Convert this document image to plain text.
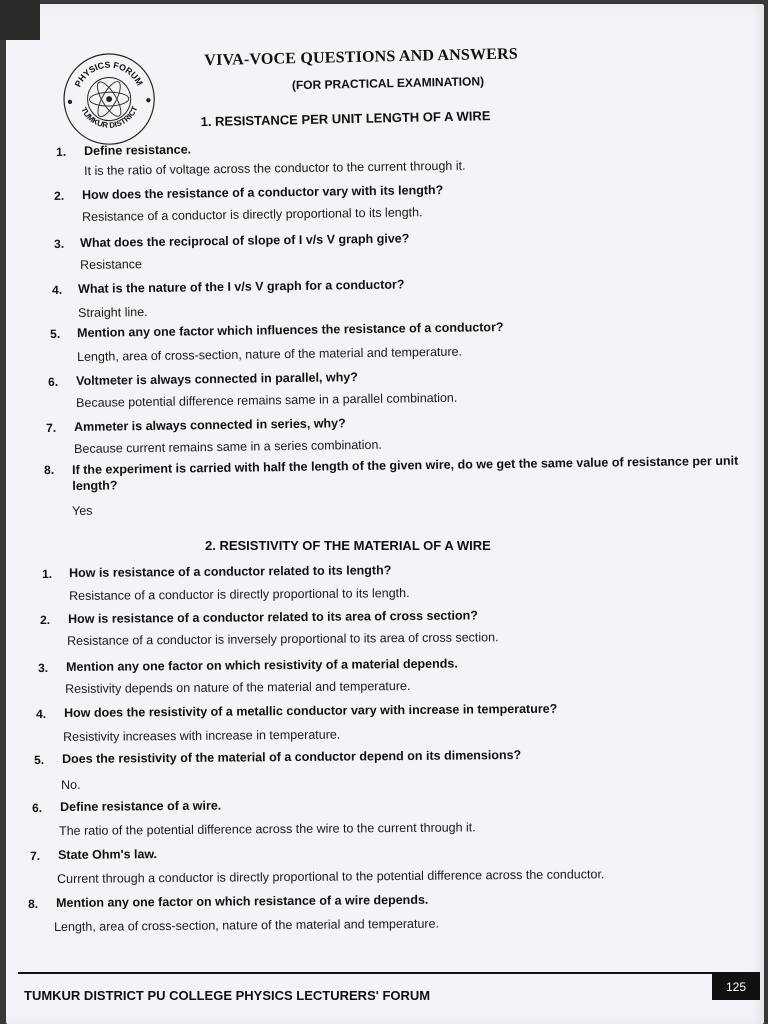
PHYSICS FORUM
TUMKUR DISTRICT
VIVA-VOCE QUESTIONS AND ANSWERS
(FOR PRACTICAL EXAMINATION)
1. RESISTANCE PER UNIT LENGTH OF A WIRE
1. Define resistance.
It is the ratio of voltage across the conductor to the current through it.
2. How does the resistance of a conductor vary with its length?
Resistance of a conductor is directly proportional to its length.
3. What does the reciprocal of slope of I v/s V graph give?
Resistance
4. What is the nature of the I v/s V graph for a conductor?
Straight line.
5. Mention any one factor which influences the resistance of a conductor?
Length, area of cross-section, nature of the material and temperature.
6. Voltmeter is always connected in parallel, why?
Because potential difference remains same in a parallel combination.
7. Ammeter is always connected in series, why?
Because current remains same in a series combination.
8. If the experiment is carried with half the length of the given wire, do we get the same value of resistance per unit length?
Yes
2. RESISTIVITY OF THE MATERIAL OF A WIRE
1. How is resistance of a conductor related to its length?
Resistance of a conductor is directly proportional to its length.
2. How is resistance of a conductor related to its area of cross section?
Resistance of a conductor is inversely proportional to its area of cross section.
3. Mention any one factor on which resistivity of a material depends.
Resistivity depends on nature of the material and temperature.
4. How does the resistivity of a metallic conductor vary with increase in temperature?
Resistivity increases with increase in temperature.
5. Does the resistivity of the material of a conductor depend on its dimensions?
No.
6. Define resistance of a wire.
The ratio of the potential difference across the wire to the current through it.
7. State Ohm's law.
Current through a conductor is directly proportional to the potential difference across the conductor.
8. Mention any one factor on which resistance of a wire depends.
Length, area of cross-section, nature of the material and temperature.
TUMKUR DISTRICT PU COLLEGE PHYSICS LECTURERS' FORUM
125
